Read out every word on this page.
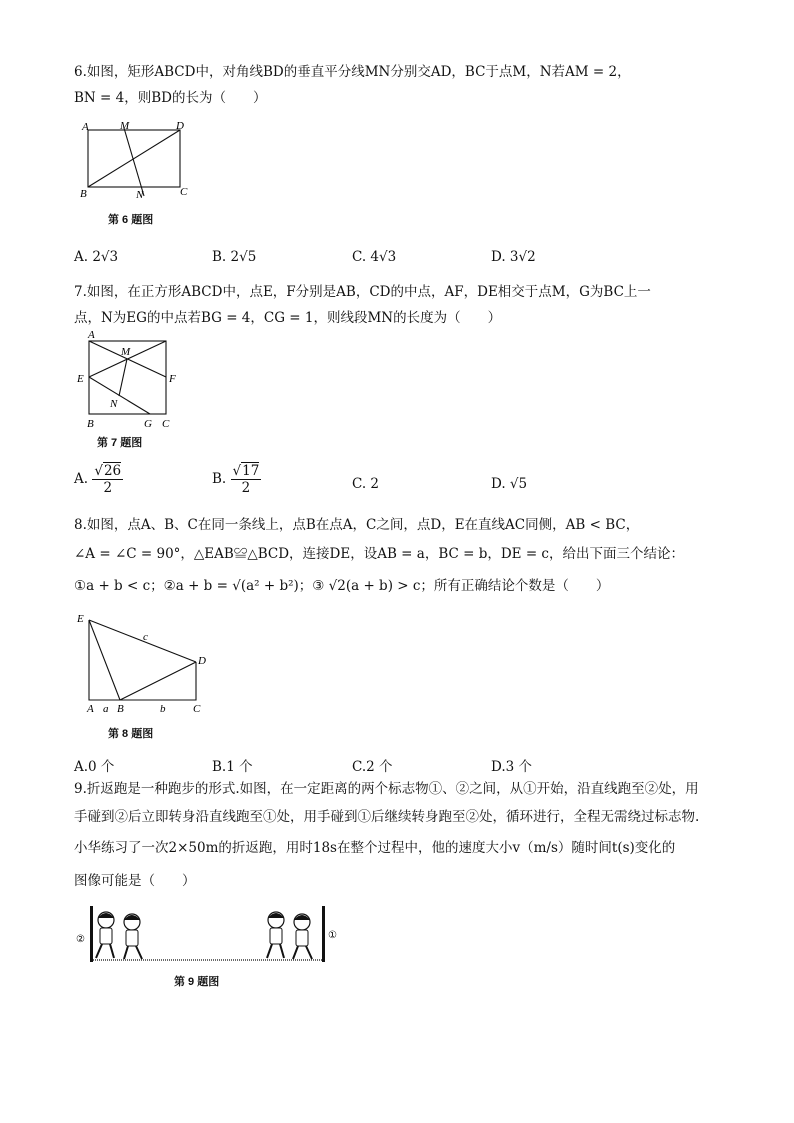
6.如图，矩形ABCD中，对角线BD的垂直平分线MN分别交AD，BC于点M，N若AM = 2，
BN = 4，则BD的长为（　　）
A	M	D
B	N	C
第 6 题图
A. 2√3	B. 2√5	C. 4√3	D. 3√2
7.如图，在正方形ABCD中，点E，F分别是AB，CD的中点，AF，DE相交于点M，G为BC上一
点，N为EG的中点若BG = 4，CG = 1，则线段MN的长度为（　　）
A
M
E	F
N
B	G C
第 7 题图
A. $\frac{√26}{2}$	B. $\frac{√17}{2}$	C. 2	D. √5
8.如图，点A、B、C在同一条线上，点B在点A，C之间，点D，E在直线AC同侧，AB < BC，
∠A = ∠C = 90°，△EAB≌△BCD，连接DE，设AB = a，BC = b，DE = c，给出下面三个结论：
①a + b < c；②a + b = √(a² + b²)；③ √2(a + b) > c；所有正确结论个数是（　　）
E
c
D
A a B	b	C
第 8 题图
A.0 个	B.1 个	C.2 个	D.3 个
9.折返跑是一种跑步的形式.如图，在一定距离的两个标志物①、②之间，从①开始，沿直线跑至②处，用
手碰到②后立即转身沿直线跑至①处，用手碰到①后继续转身跑至②处，循环进行，全程无需绕过标志物.
小华练习了一次2×50m的折返跑，用时18s在整个过程中，他的速度大小v（m/s）随时间t(s)变化的
图像可能是（　　）
②	①
第 9 题图
